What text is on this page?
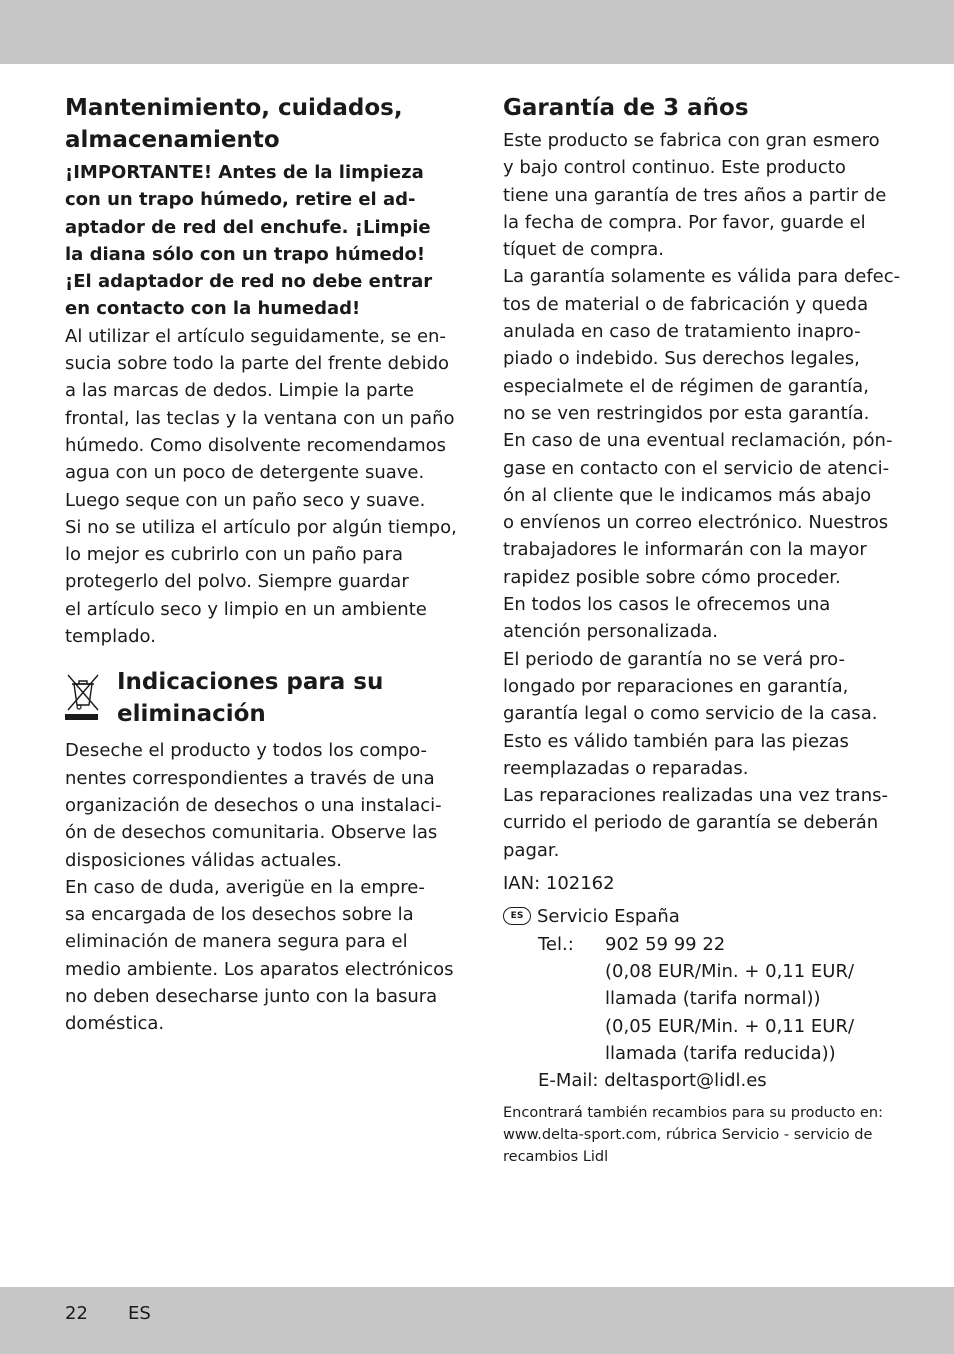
Mantenimiento, cuidados,
almacenamiento

¡IMPORTANTE! Antes de la limpieza
con un trapo húmedo, retire el ad-
aptador de red del enchufe. ¡Limpie
la diana sólo con un trapo húmedo!
¡El adaptador de red no debe entrar
en contacto con la humedad!

Al utilizar el artículo seguidamente, se en-
sucia sobre todo la parte del frente debido
a las marcas de dedos. Limpie la parte
frontal, las teclas y la ventana con un paño
húmedo. Como disolvente recomendamos
agua con un poco de detergente suave.
Luego seque con un paño seco y suave.
Si no se utiliza el artículo por algún tiempo,
lo mejor es cubrirlo con un paño para
protegerlo del polvo. Siempre guardar
el artículo seco y limpio en un ambiente
templado.

Indicaciones para su
eliminación

Deseche el producto y todos los compo-
nentes correspondientes a través de una
organización de desechos o una instalaci-
ón de desechos comunitaria. Observe las
disposiciones válidas actuales.
En caso de duda, averigüe en la empre-
sa encargada de los desechos sobre la
eliminación de manera segura para el
medio ambiente. Los aparatos electrónicos
no deben desecharse junto con la basura
doméstica.

Garantía de 3 años

Este producto se fabrica con gran esmero
y bajo control continuo. Este producto
tiene una garantía de tres años a partir de
la fecha de compra. Por favor, guarde el
tíquet de compra.
La garantía solamente es válida para defec-
tos de material o de fabricación y queda
anulada en caso de tratamiento inapro-
piado o indebido. Sus derechos legales,
especialmete el de régimen de garantía,
no se ven restringidos por esta garantía.
En caso de una eventual reclamación, pón-
gase en contacto con el servicio de atenci-
ón al cliente que le indicamos más abajo
o envíenos un correo electrónico. Nuestros
trabajadores le informarán con la mayor
rapidez posible sobre cómo proceder.
En todos los casos le ofrecemos una
atención personalizada.
El periodo de garantía no se verá pro-
longado por reparaciones en garantía,
garantía legal o como servicio de la casa.
Esto es válido también para las piezas
reemplazadas o reparadas.
Las reparaciones realizadas una vez trans-
currido el periodo de garantía se deberán
pagar.

IAN: 102162

ES Servicio España

Tel.: 902 59 99 22
(0,08 EUR/Min. + 0,11 EUR/
llamada (tarifa normal))
(0,05 EUR/Min. + 0,11 EUR/
llamada (tarifa reducida))

E-Mail: deltasport@lidl.es

Encontrará también recambios para su producto en:
www.delta-sport.com, rúbrica Servicio - servicio de
recambios Lidl

22 ES
